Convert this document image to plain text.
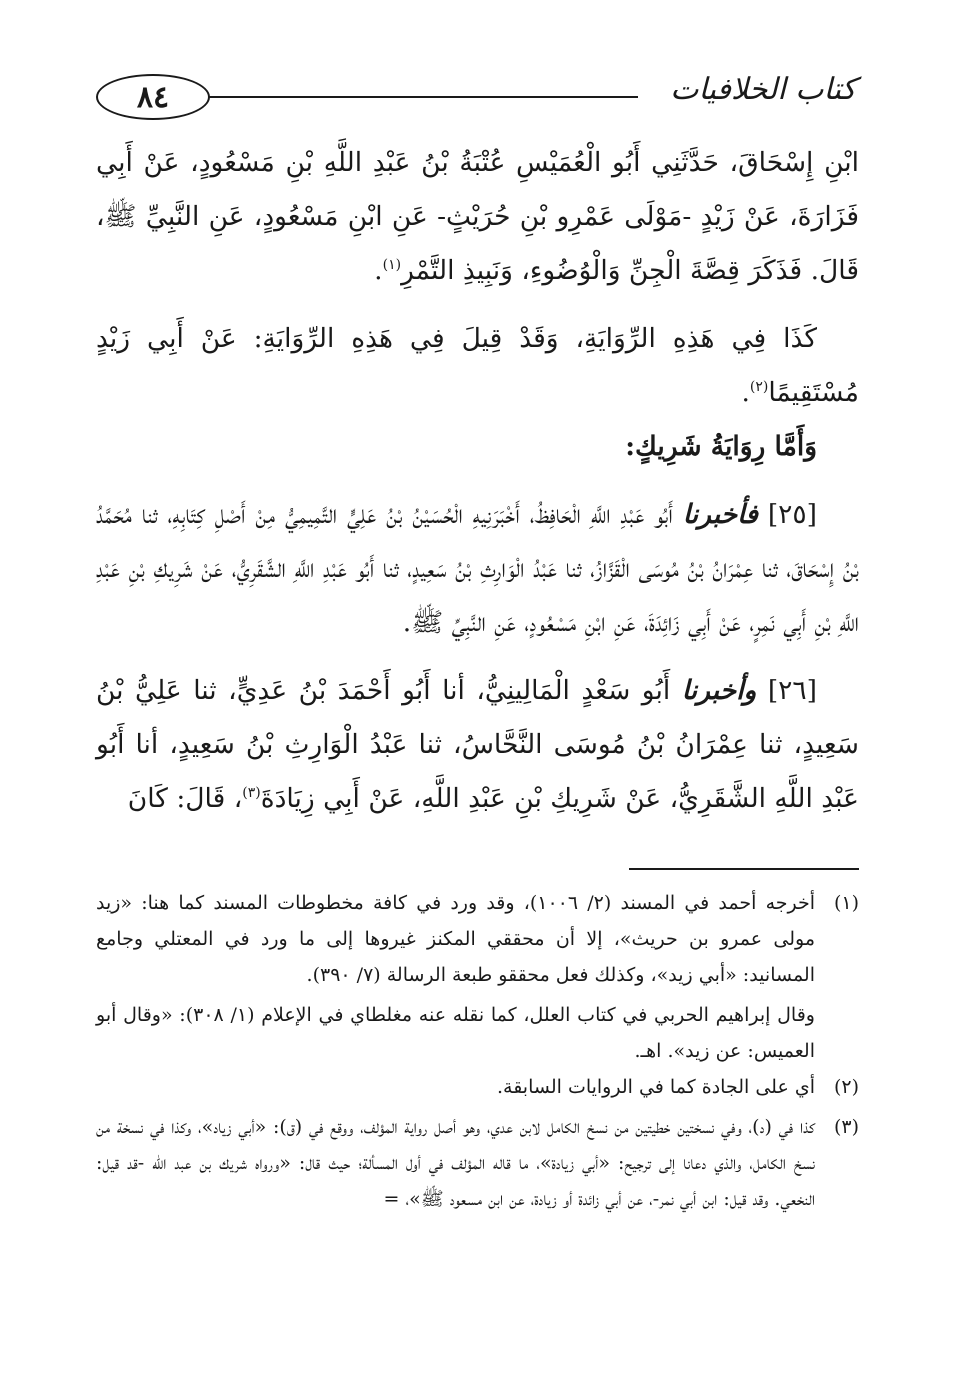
٨٤	كتاب الخلافيات

ابْنِ إِسْحَاقَ، حَدَّثَنِي أَبُو الْعُمَيْسِ عُتْبَةُ بْنُ عَبْدِ اللَّهِ بْنِ مَسْعُودٍ، عَنْ أَبِي فَزَارَةَ، عَنْ زَيْدٍ -مَوْلَى عَمْرِو بْنِ حُرَيْثٍ- عَنِ ابْنِ مَسْعُودٍ، عَنِ النَّبِيِّ ﷺ، قَالَ. فَذَكَرَ قِصَّةَ الْجِنِّ وَالْوُضُوءِ، وَنَبِيذِ التَّمْرِ$^{(١)}$.

كَذَا فِي هَذِهِ الرِّوَايَةِ، وَقَدْ قِيلَ فِي هَذِهِ الرِّوَايَةِ: عَنْ أَبِي زَيْدٍ مُسْتَقِيمًا$^{(٢)}$.

وَأَمَّا رِوَايَةُ شَرِيكٍ:

[٢٥] فأخبرنا أَبُو عَبْدِ اللَّهِ الْحَافِظُ، أَخْبَرَنِيهِ الْحُسَيْنُ بْنُ عَلِيٍّ التَّمِيمِيُّ مِنْ أَصْلِ كِتَابِهِ، ثنا مُحَمَّدُ بْنُ إِسْحَاقَ، ثنا عِمْرَانُ بْنُ مُوسَى الْقَزَّازُ، ثنا عَبْدُ الْوَارِثِ بْنُ سَعِيدٍ، ثنا أَبُو عَبْدِ اللَّهِ الشَّقَرِيُّ، عَنْ شَرِيكِ بْنِ عَبْدِ اللَّهِ بْنِ أَبِي نَمِرٍ، عَنْ أَبِي زَائِدَةَ، عَنِ ابْنِ مَسْعُودٍ، عَنِ النَّبِيِّ ﷺ.

[٢٦] وأخبرنا أَبُو سَعْدٍ الْمَالِينِيُّ، أنا أَبُو أَحْمَدَ بْنُ عَدِيٍّ، ثنا عَلِيُّ بْنُ سَعِيدٍ، ثنا عِمْرَانُ بْنُ مُوسَى النَّحَّاسُ، ثنا عَبْدُ الْوَارِثِ بْنُ سَعِيدٍ، أنا أَبُو عَبْدِ اللَّهِ الشَّقَرِيُّ، عَنْ شَرِيكِ بْنِ عَبْدِ اللَّهِ، عَنْ أَبِي زِيَادَةَ$^{(٣)}$، قَالَ: كَانَ

(١)
أخرجه أحمد في المسند (٢/ ١٠٠٦)، وقد ورد في كافة مخطوطات المسند كما هنا: «زيد مولى عمرو بن حريث»، إلا أن محققي المكنز غيروها إلى ما ورد في المعتلي وجامع المسانيد: «أبي زيد»، وكذلك فعل محققو طبعة الرسالة (٧/ ٣٩٠).

وقال إبراهيم الحربي في كتاب العلل، كما نقله عنه مغلطاي في الإعلام (١/ ٣٠٨): «وقال أبو العميس: عن زيد». اهـ.

(٢)
أي على الجادة كما في الروايات السابقة.
(٣)
كذا في (د)، وفي نسختين خطيتين من نسخ الكامل لابن عدي، وهو أصل رواية المؤلف، ووقع في (ق): «أبي زياد»، وكذا في نسخة من نسخ الكامل، والذي دعانا إلى ترجيح: «أبي زيادة»، ما قاله المؤلف في أول المسألة؛ حيث قال: «ورواه شريك بن عبد الله -قد قيل: النخعي. وقد قيل: ابن أبي نمر-، عن أبي زائدة أو زيادة، عن ابن مسعود ﷺ»، =
